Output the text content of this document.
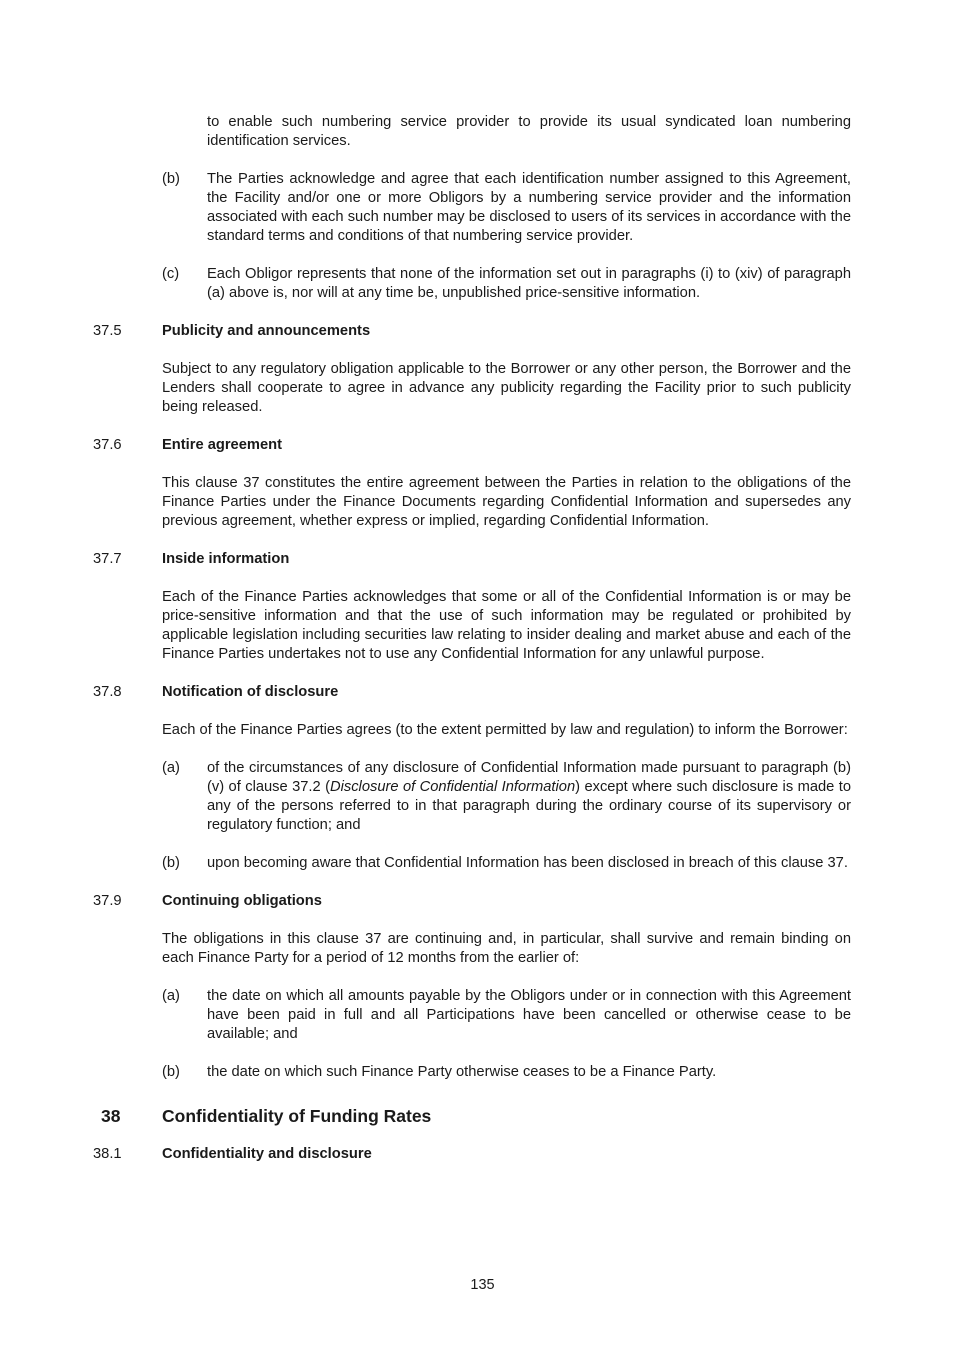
to enable such numbering service provider to provide its usual syndicated loan numbering identification services.

(b)	The Parties acknowledge and agree that each identification number assigned to this Agreement, the Facility and/or one or more Obligors by a numbering service provider and the information associated with each such number may be disclosed to users of its services in accordance with the standard terms and conditions of that numbering service provider.

(c)	Each Obligor represents that none of the information set out in paragraphs (i) to (xiv) of paragraph (a) above is, nor will at any time be, unpublished price-sensitive information.

37.5	Publicity and announcements

Subject to any regulatory obligation applicable to the Borrower or any other person, the Borrower and the Lenders shall cooperate to agree in advance any publicity regarding the Facility prior to such publicity being released.

37.6	Entire agreement

This clause 37 constitutes the entire agreement between the Parties in relation to the obligations of the Finance Parties under the Finance Documents regarding Confidential Information and supersedes any previous agreement, whether express or implied, regarding Confidential Information.

37.7	Inside information

Each of the Finance Parties acknowledges that some or all of the Confidential Information is or may be price-sensitive information and that the use of such information may be regulated or prohibited by applicable legislation including securities law relating to insider dealing and market abuse and each of the Finance Parties undertakes not to use any Confidential Information for any unlawful purpose.

37.8	Notification of disclosure

Each of the Finance Parties agrees (to the extent permitted by law and regulation) to inform the Borrower:

(a)	of the circumstances of any disclosure of Confidential Information made pursuant to paragraph (b)(v) of clause 37.2 (Disclosure of Confidential Information) except where such disclosure is made to any of the persons referred to in that paragraph during the ordinary course of its supervisory or regulatory function; and

(b)	upon becoming aware that Confidential Information has been disclosed in breach of this clause 37.

37.9	Continuing obligations

The obligations in this clause 37 are continuing and, in particular, shall survive and remain binding on each Finance Party for a period of 12 months from the earlier of:

(a)	the date on which all amounts payable by the Obligors under or in connection with this Agreement have been paid in full and all Participations have been cancelled or otherwise cease to be available; and

(b)	the date on which such Finance Party otherwise ceases to be a Finance Party.

38	Confidentiality of Funding Rates
38.1	Confidentiality and disclosure
135
